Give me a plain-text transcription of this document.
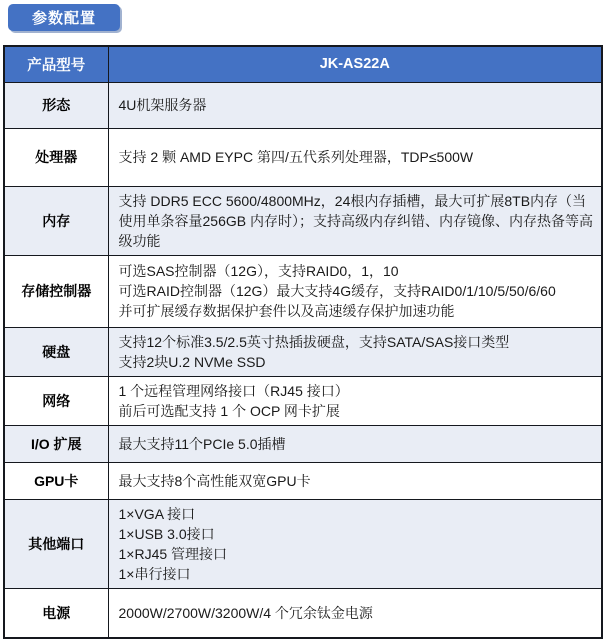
参数配置
产品型号	JK-AS22A
形态	4U机架服务器

处理器	支持 2 颗 AMD EYPC 第四/五代系列处理器，TDP≤500W

内存	支持 DDR5 ECC 5600/4800MHz，24根内存插槽，最大可扩展8TB内存（当使用单条容量256GB 内存时）；支持高级内存纠错、内存镜像、内存热备等高级功能

存储控制器	可选SAS控制器（12G），支持RAID0，1，10
可选RAID控制器（12G）最大支持4G缓存，支持RAID0/1/10/5/50/6/60
并可扩展缓存数据保护套件以及高速缓存保护加速功能

硬盘	支持12个标准3.5/2.5英寸热插拔硬盘，支持SATA/SAS接口类型
支持2块U.2 NVMe SSD

网络	1 个远程管理网络接口（RJ45 接口）
前后可选配支持 1 个 OCP 网卡扩展

I/O 扩展	最大支持11个PCIe 5.0插槽

GPU卡	最大支持8个高性能双宽GPU卡

其他端口	1×VGA 接口
1×USB 3.0接口
1×RJ45 管理接口
1×串行接口

电源	2000W/2700W/3200W/4 个冗余钛金电源
